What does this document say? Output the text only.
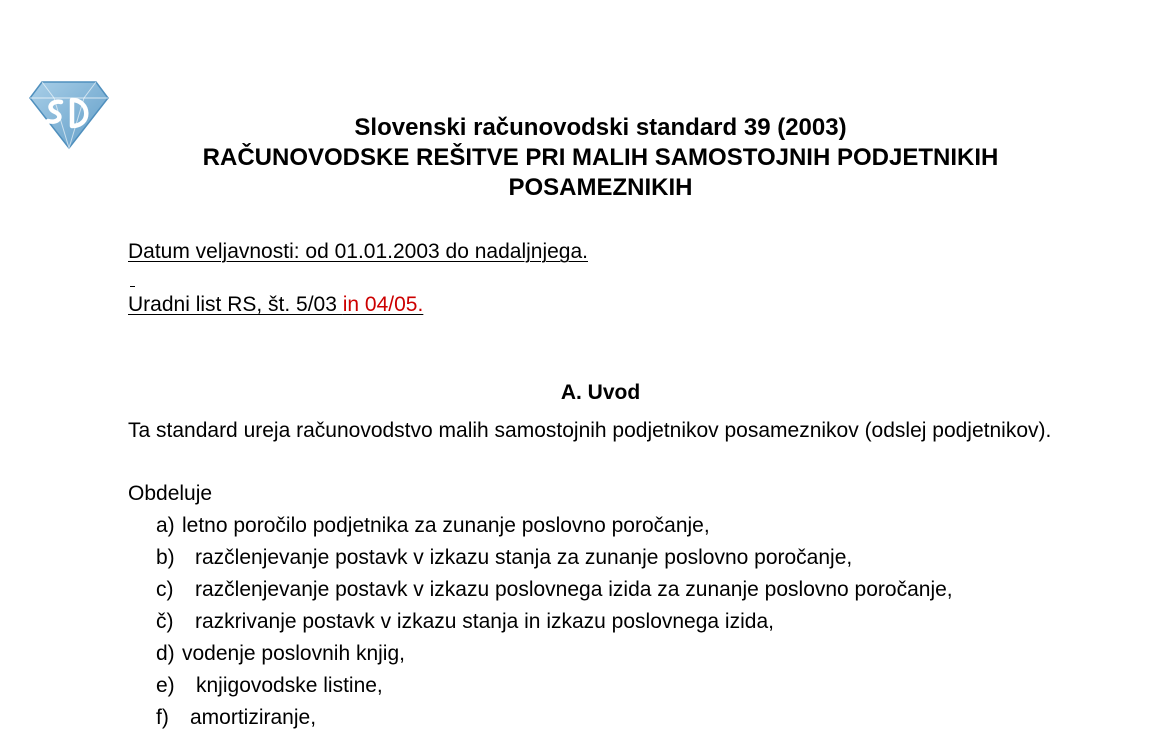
Slovenski računovodski standard 39 (2003)
RAČUNOVODSKE REŠITVE PRI MALIH SAMOSTOJNIH PODJETNIKIH
POSAMEZNIKIH
Datum veljavnosti: od 01.01.2003 do nadaljnjega.
Uradni list RS, št. 5/03 in 04/05.
A. Uvod
Ta standard ureja računovodstvo malih samostojnih podjetnikov posameznikov (odslej podjetnikov).
Obdeluje
a) letno poročilo podjetnika za zunanje poslovno poročanje,
b) razčlenjevanje postavk v izkazu stanja za zunanje poslovno poročanje,
c) razčlenjevanje postavk v izkazu poslovnega izida za zunanje poslovno poročanje,
č) razkrivanje postavk v izkazu stanja in izkazu poslovnega izida,
d) vodenje poslovnih knjig,
e) knjigovodske listine,
f) amortiziranje,
